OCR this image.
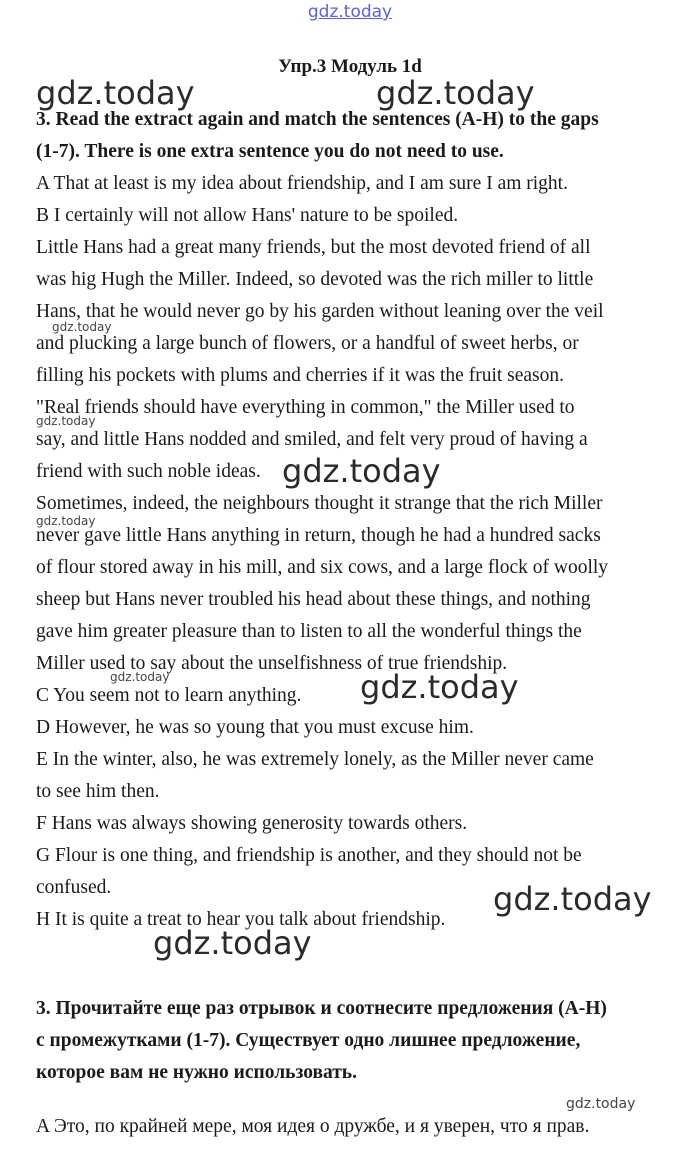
gdz.today
Упр.3 Модуль 1d
3. Read the extract again and match the sentences (A-H) to the gaps
(1-7). There is one extra sentence you do not need to use.
A That at least is my idea about friendship, and I am sure I am right.
B I certainly will not allow Hans' nature to be spoiled.
Little Hans had a great many friends, but the most devoted friend of all
was hig Hugh the Miller. Indeed, so devoted was the rich miller to little
Hans, that he would never go by his garden without leaning over the veil
and plucking a large bunch of flowers, or a handful of sweet herbs, or
filling his pockets with plums and cherries if it was the fruit season.
"Real friends should have everything in common," the Miller used to
say, and little Hans nodded and smiled, and felt very proud of having a
friend with such noble ideas.
Sometimes, indeed, the neighbours thought it strange that the rich Miller
never gave little Hans anything in return, though he had a hundred sacks
of flour stored away in his mill, and six cows, and a large flock of woolly
sheep but Hans never troubled his head about these things, and nothing
gave him greater pleasure than to listen to all the wonderful things the
Miller used to say about the unselfishness of true friendship.
C You seem not to learn anything.
D However, he was so young that you must excuse him.
E In the winter, also, he was extremely lonely, as the Miller never came
to see him then.
F Hans was always showing generosity towards others.
G Flour is one thing, and friendship is another, and they should not be
confused.
H It is quite a treat to hear you talk about friendship.
3. Прочитайте еще раз отрывок и соотнесите предложения (A-H)
с промежутками (1-7). Существует одно лишнее предложение,
которое вам не нужно использовать.
A Это, по крайней мере, моя идея о дружбе, и я уверен, что я прав.
gdz.today	gdz.today
gdz.today
gdz.today
gdz.today
gdz.today
gdz.today	gdz.today
gdz.today
gdz.today
gdz.today
